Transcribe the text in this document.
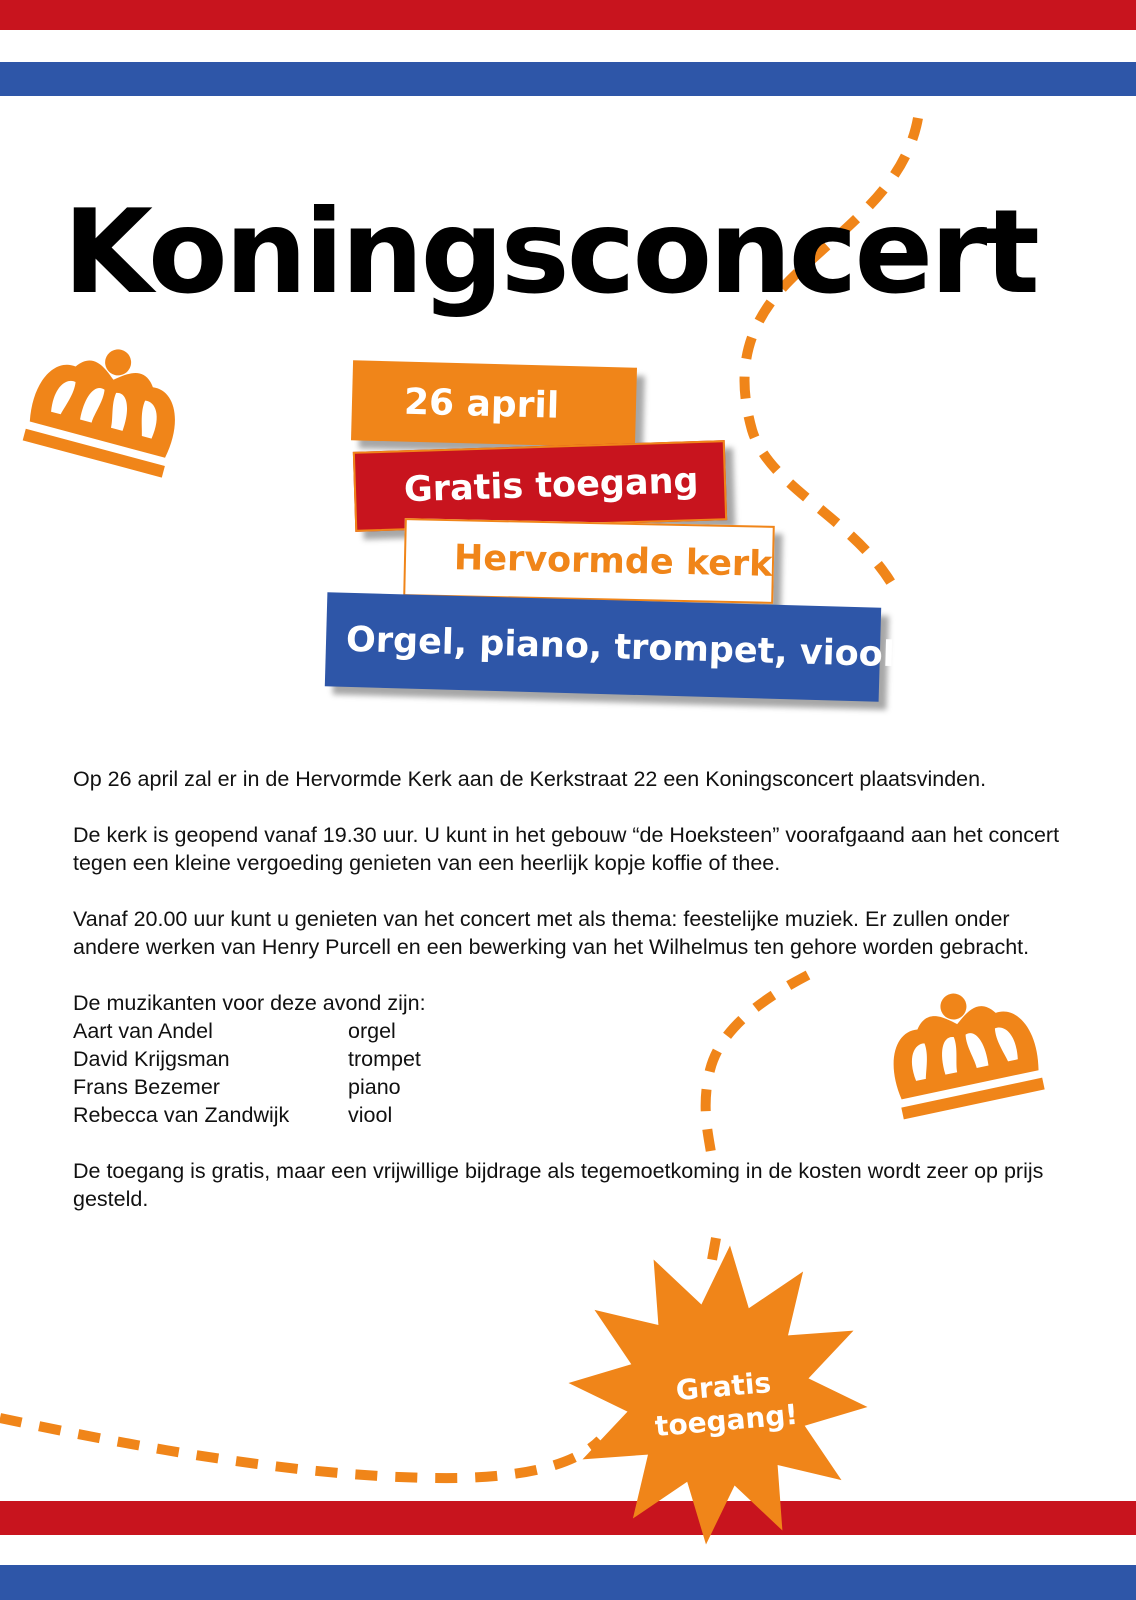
Koningsconcert
26 april
Gratis toegang
Hervormde kerk
Orgel, piano, trompet, viool

Op 26 april zal er in de Hervormde Kerk aan de Kerkstraat 22 een Koningsconcert plaatsvinden.

De kerk is geopend vanaf 19.30 uur. U kunt in het gebouw “de Hoeksteen” voorafgaand aan het concert tegen een kleine vergoeding genieten van een heerlijk kopje koffie of thee.

Vanaf 20.00 uur kunt u genieten van het concert met als thema: feestelijke muziek. Er zullen onder andere werken van Henry Purcell en een bewerking van het Wilhelmus ten gehore worden gebracht.

De muzikanten voor deze avond zijn:
Aart van Andel	orgel
David Krijgsman	trompet
Frans Bezemer	piano
Rebecca van Zandwijk	viool

De toegang is gratis, maar een vrijwillige bijdrage als tegemoetkoming in de kosten wordt zeer op prijs gesteld.

Gratis
toegang!
